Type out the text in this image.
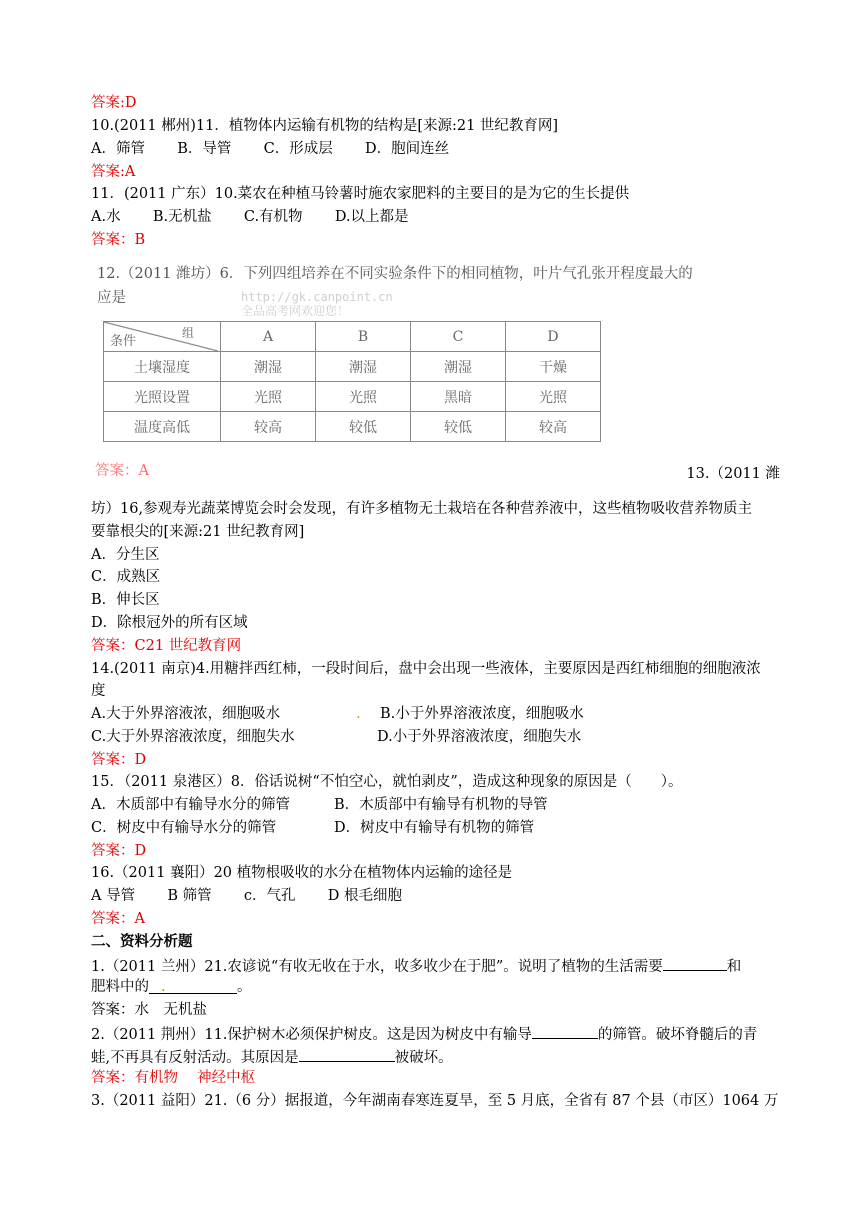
答案:D
10.(2011 郴州)11．植物体内运输有机物的结构是[来源:21 世纪教育网]
A．筛管       B．导管       C．形成层       D．胞间连丝
答案:A
11．(2011 广东）10.菜农在种植马铃薯时施农家肥料的主要目的是为它的生长提供
A.水       B.无机盐       C.有机物       D.以上都是
答案：B
12.（2011 潍坊）6．下列四组培养在不同实验条件下的相同植物，叶片气孔张开程度最大的
应是	http://gk.canpoint.cn
全品高考网欢迎您！
组
条件	A	B	C	D
土壤湿度	潮湿	潮湿	潮湿	干燥
光照设置	光照	光照	黑暗	光照
温度高低	较高	较低	较低	较高
答案：A	13.（2011 潍
坊）16,参观寿光蔬菜博览会时会发现，有许多植物无土栽培在各种营养液中，这些植物吸收营养物质主
要靠根尖的[来源:21 世纪教育网]
A．分生区
C．成熟区
B．伸长区
D．除根冠外的所有区域
答案：C21 世纪教育网
14.(2011 南京)4.用糖拌西红柿，一段时间后，盘中会出现一些液体，主要原因是西红柿细胞的细胞液浓
度
A.大于外界溶液浓，细胞吸水	. B.小于外界溶液浓度，细胞吸水
C.大于外界溶液浓度，细胞失水	D.小于外界溶液浓度，细胞失水
答案：D
15．（2011 泉港区）8．俗话说树“不怕空心，就怕剥皮”，造成这种现象的原因是（　　）。
A．木质部中有输导水分的筛管	B．木质部中有输导有机物的导管
C．树皮中有输导水分的筛管	D．树皮中有输导有机物的筛管
答案：D
16.（2011 襄阳）20 植物根吸收的水分在植物体内运输的途径是
A 导管       B 筛管       c．气孔       D 根毛细胞
答案：A
二、资料分析题
1.（2011 兰州）21.农谚说“有收无收在于水，收多收少在于肥”。说明了植物的生活需要	和
肥料中的 .	。
答案：水　无机盐
2.（2011 荆州）11.保护树木必须保护树皮。这是因为树皮中有输导	的筛管。破坏脊髓后的青
蛙,不再具有反射活动。其原因是	被破坏。
答案：有机物　 神经中枢
3.（2011 益阳）21.（6 分）据报道，今年湖南春寒连夏旱，至 5 月底，全省有 87 个县（市区）1064 万
